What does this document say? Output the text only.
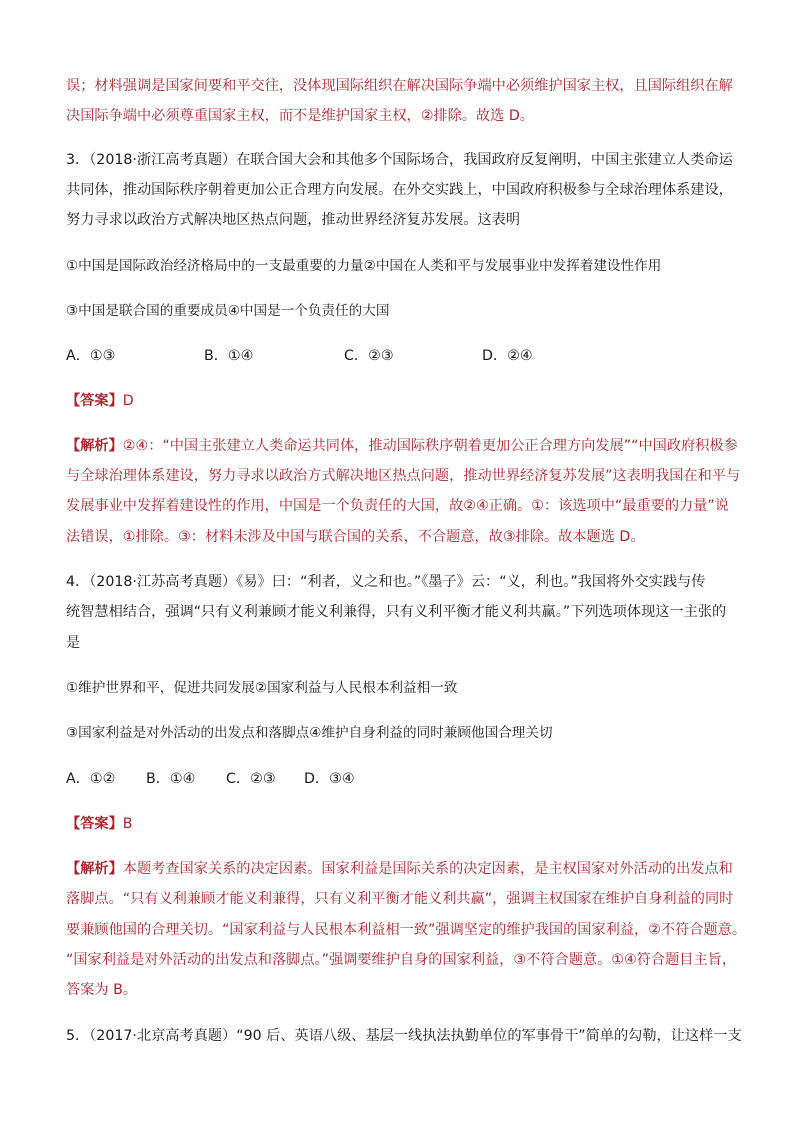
误；材料强调是国家间要和平交往，没体现国际组织在解决国际争端中必须维护国家主权，且国际组织在解
决国际争端中必须尊重国家主权，而不是维护国家主权，②排除。故选 D。
3．（2018·浙江高考真题）在联合国大会和其他多个国际场合，我国政府反复阐明，中国主张建立人类命运
共同体，推动国际秩序朝着更加公正合理方向发展。在外交实践上，中国政府积极参与全球治理体系建设，
努力寻求以政治方式解决地区热点问题，推动世界经济复苏发展。这表明
①中国是国际政治经济格局中的一支最重要的力量②中国在人类和平与发展事业中发挥着建设性作用
③中国是联合国的重要成员④中国是一个负责任的大国
A．①③	B．①④	C．②③	D．②④
【答案】D
【解析】②④：“中国主张建立人类命运共同体，推动国际秩序朝着更加公正合理方向发展”“中国政府积极参
与全球治理体系建设，努力寻求以政治方式解决地区热点问题，推动世界经济复苏发展”这表明我国在和平与
发展事业中发挥着建设性的作用，中国是一个负责任的大国，故②④正确。①：该选项中“最重要的力量”说
法错误，①排除。③：材料未涉及中国与联合国的关系，不合题意，故③排除。故本题选 D。
4．（2018·江苏高考真题）《易》曰：“利者，义之和也。”《墨子》云：“义，利也。”我国将外交实践与传
统智慧相结合，强调“只有义利兼顾才能义利兼得，只有义利平衡才能义利共赢。”下列选项体现这一主张的
是
①维护世界和平，促进共同发展②国家利益与人民根本利益相一致
③国家利益是对外活动的出发点和落脚点④维护自身利益的同时兼顾他国合理关切
A．①② B．①④ C．②③ D．③④
【答案】B
【解析】本题考查国家关系的决定因素。国家利益是国际关系的决定因素，是主权国家对外活动的出发点和
落脚点。“只有义利兼顾才能义利兼得，只有义利平衡才能义利共赢”，强调主权国家在维护自身利益的同时
要兼顾他国的合理关切。“国家利益与人民根本利益相一致”强调坚定的维护我国的国家利益，②不符合题意。
“国家利益是对外活动的出发点和落脚点。”强调要维护自身的国家利益，③不符合题意。①④符合题目主旨，
答案为 B。
5．（2017·北京高考真题）“90 后、英语八级、基层一线执法执勤单位的军事骨干”简单的勾勒，让这样一支
